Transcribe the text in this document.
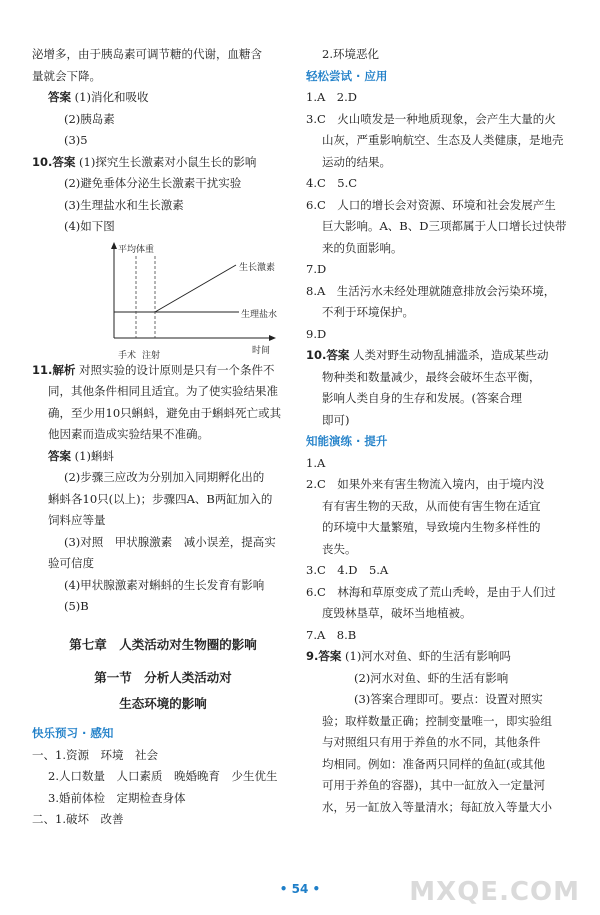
泌增多，由于胰岛素可调节糖的代谢，血糖含
量就会下降。
答案 (1)消化和吸收
(2)胰岛素
(3)5
10.答案 (1)探究生长激素对小鼠生长的影响
(2)避免垂体分泌生长激素干扰实验
(3)生理盐水和生长激素
(4)如下图
平均体重
生长激素
生理盐水
时间
手术 注射
11.解析 对照实验的设计原则是只有一个条件不
同，其他条件相同且适宜。为了使实验结果准
确，至少用10只蝌蚪，避免由于蝌蚪死亡或其
他因素而造成实验结果不准确。
答案 (1)蝌蚪
(2)步骤三应改为分别加入同期孵化出的
蝌蚪各10只(以上)；步骤四A、B两缸加入的
饲料应等量
(3)对照　甲状腺激素　减小误差，提高实
验可信度
(4)甲状腺激素对蝌蚪的生长发育有影响
(5)B
第七章　人类活动对生物圈的影响
第一节　分析人类活动对
生态环境的影响
快乐预习 · 感知
一、1.资源　环境　社会
2.人口数量　人口素质　晚婚晚育　少生优生
3.婚前体检　定期检查身体
二、1.破坏　改善
2.环境恶化
轻松尝试 · 应用
1.A　2.D
3.C　 火山喷发是一种地质现象，会产生大量的火
山灰，严重影响航空、生态及人类健康，是地壳
运动的结果。
4.C　5.C
6.C　 人口的增长会对资源、环境和社会发展产生
巨大影响。A、B、D三项都属于人口增长过快带
来的负面影响。
7.D
8.A　 生活污水未经处理就随意排放会污染环境，
不利于环境保护。
9.D
10.答案 人类对野生动物乱捕滥杀，造成某些动
物种类和数量减少，最终会破坏生态平衡，
影响人类自身的生存和发展。(答案合理
即可)
知能演练 · 提升
1.A
2.C　 如果外来有害生物流入境内，由于境内没
有有害生物的天敌，从而使有害生物在适宜
的环境中大量繁殖，导致境内生物多样性的
丧失。
3.C　4.D　5.A
6.C　 林海和草原变成了荒山秃岭，是由于人们过
度毁林垦草，破坏当地植被。
7.A　8.B
9.答案 (1)河水对鱼、虾的生活有影响吗
(2)河水对鱼、虾的生活有影响
(3)答案合理即可。要点：设置对照实
验；取样数量正确；控制变量唯一，即实验组
与对照组只有用于养鱼的水不同，其他条件
均相同。例如：准备两只同样的鱼缸(或其他
可用于养鱼的容器)，其中一缸放入一定量河
水，另一缸放入等量清水；每缸放入等量大小
• 54 •	MXQE.COM
